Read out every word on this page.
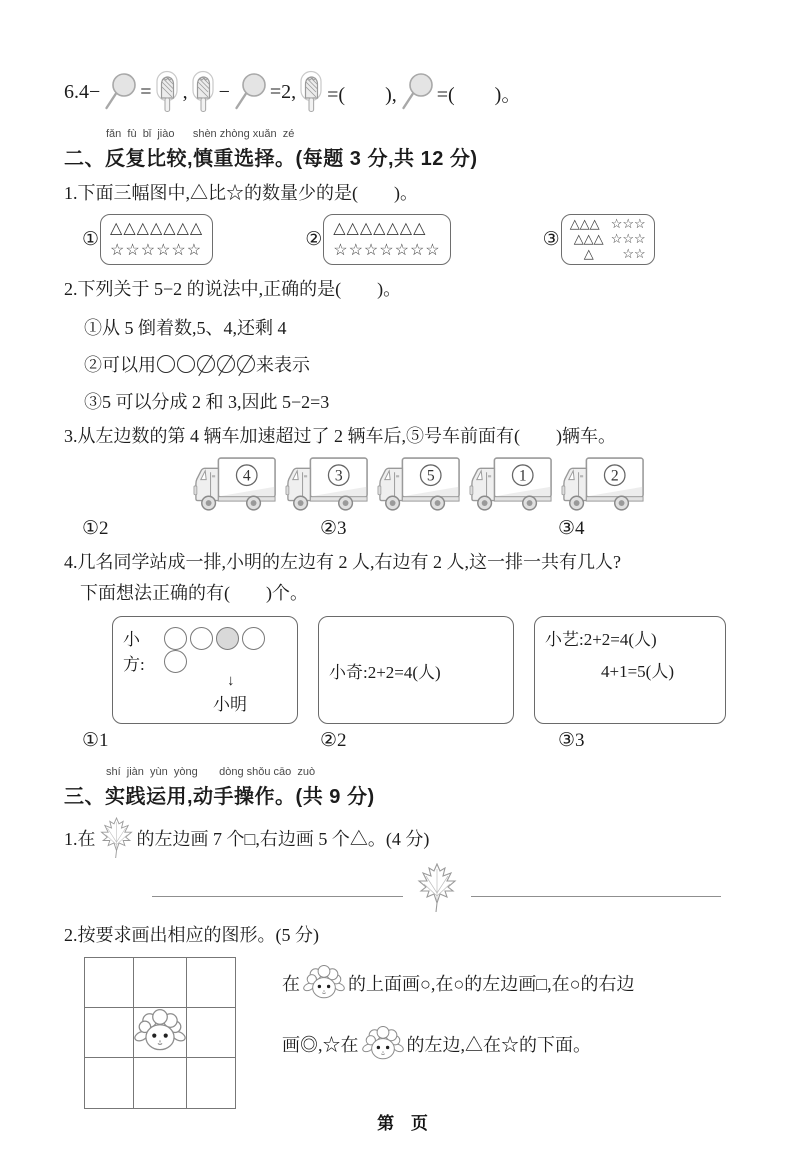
6.4− = , − =2, =(　　), =(　　)。
fǎn  fù  bǐ  jiào      shèn zhòng xuǎn  zé
二、反复比较,慎重选择。(每题 3 分,共 12 分)
1.下面三幅图中,△比☆的数量少的是(　　)。
①
△△△△△△△
☆☆☆☆☆☆	②
△△△△△△△
☆☆☆☆☆☆☆	③
△△△
△△△
△
☆☆☆
☆☆☆
☆☆
2.下列关于 5−2 的说法中,正确的是(　　)。
①从 5 倒着数,5、4,还剩 4
②可以用	来表示
③5 可以分成 2 和 3,因此 5−2=3
3.从左边数的第 4 辆车加速超过了 2 辆车后,⑤号车前面有(　　)辆车。
4	3	5	1	2
①2	②3	③4
4.几名同学站成一排,小明的左边有 2 人,右边有 2 人,这一排一共有几人?
下面想法正确的有(　　)个。
小方:
↓
小明
小奇:2+2=4(人)
小艺:2+2=4(人)
4+1=5(人)
①1	②2	③3
shí  jiàn  yùn  yòng       dòng shǒu cāo  zuò
三、实践运用,动手操作。(共 9 分)
1.在 的左边画 7 个□,右边画 5 个△。(4 分)
2.按要求画出相应的图形。(5 分)
在	的上面画○,在○的左边画□,在○的右边
画◎,☆在	的左边,△在☆的下面。
第 页
